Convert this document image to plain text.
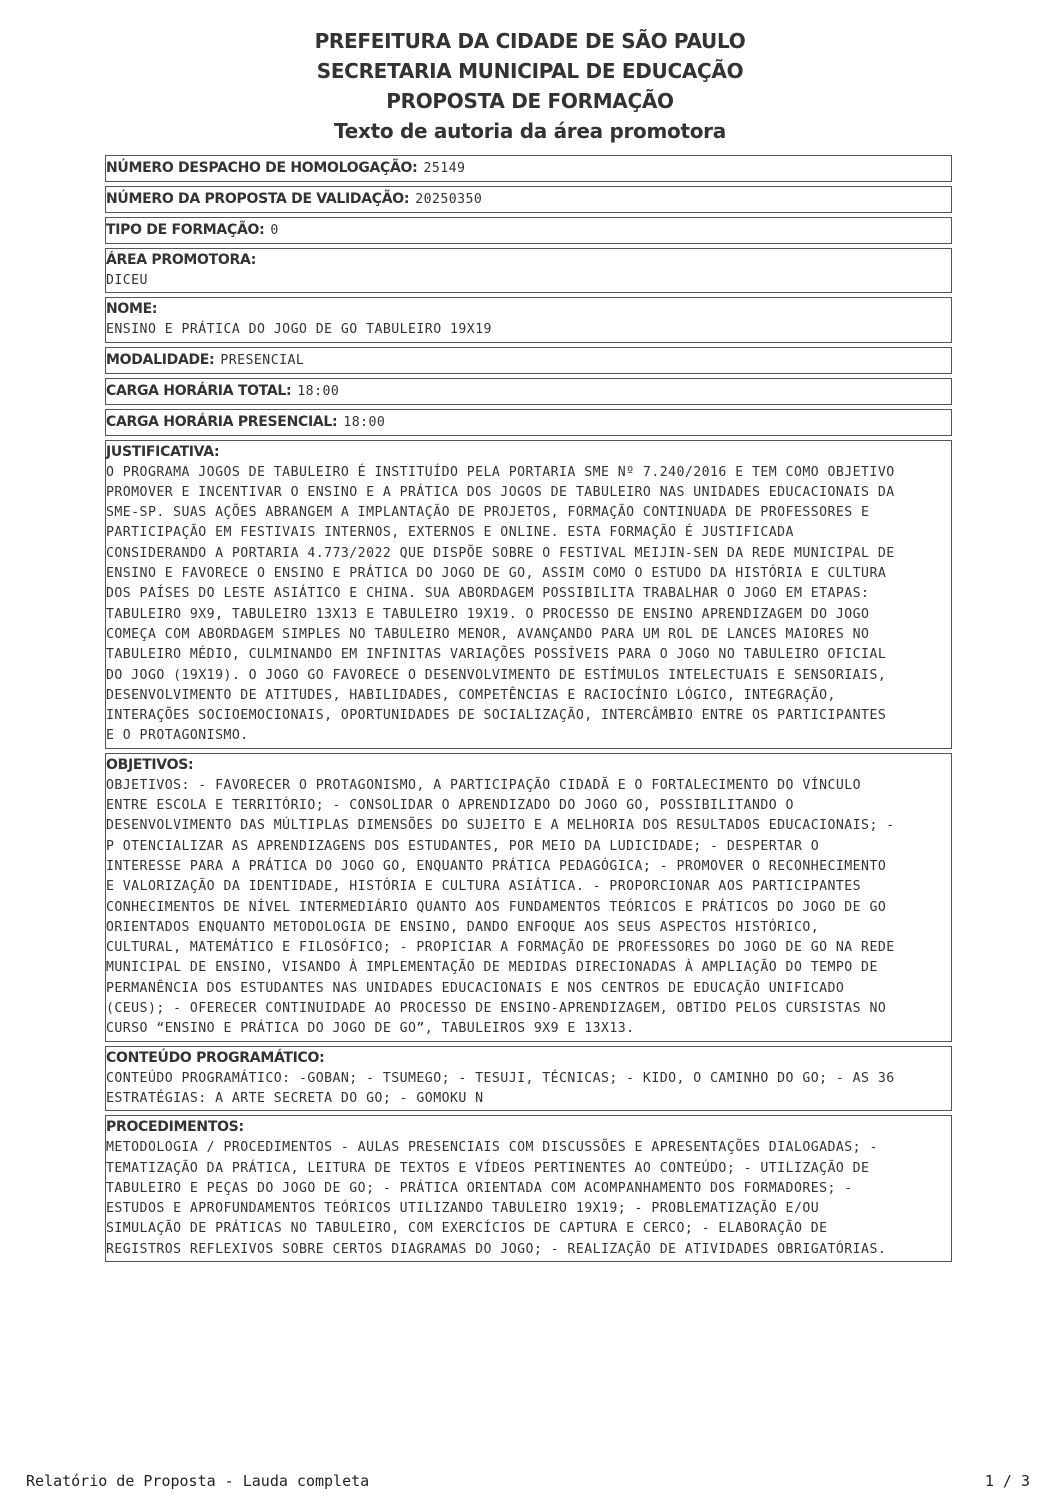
PREFEITURA DA CIDADE DE SÃO PAULO
SECRETARIA MUNICIPAL DE EDUCAÇÃO
PROPOSTA DE FORMAÇÃO
Texto de autoria da área promotora
NÚMERO DESPACHO DE HOMOLOGAÇÃO: 25149
NÚMERO DA PROPOSTA DE VALIDAÇÃO: 20250350
TIPO DE FORMAÇÃO: 0
ÁREA PROMOTORA:
DICEU
NOME:
ENSINO E PRÁTICA DO JOGO DE GO TABULEIRO 19X19
MODALIDADE: PRESENCIAL
CARGA HORÁRIA TOTAL: 18:00
CARGA HORÁRIA PRESENCIAL: 18:00
JUSTIFICATIVA:
O PROGRAMA JOGOS DE TABULEIRO É INSTITUÍDO PELA PORTARIA SME Nº 7.240/2016 E TEM COMO OBJETIVO
PROMOVER E INCENTIVAR O ENSINO E A PRÁTICA DOS JOGOS DE TABULEIRO NAS UNIDADES EDUCACIONAIS DA
SME-SP. SUAS AÇÕES ABRANGEM A IMPLANTAÇÃO DE PROJETOS, FORMAÇÃO CONTINUADA DE PROFESSORES E
PARTICIPAÇÃO EM FESTIVAIS INTERNOS, EXTERNOS E ONLINE. ESTA FORMAÇÃO É JUSTIFICADA
CONSIDERANDO A PORTARIA 4.773/2022 QUE DISPÕE SOBRE O FESTIVAL MEIJIN-SEN DA REDE MUNICIPAL DE
ENSINO E FAVORECE O ENSINO E PRÁTICA DO JOGO DE GO, ASSIM COMO O ESTUDO DA HISTÓRIA E CULTURA
DOS PAÍSES DO LESTE ASIÁTICO E CHINA. SUA ABORDAGEM POSSIBILITA TRABALHAR O JOGO EM ETAPAS:
TABULEIRO 9X9, TABULEIRO 13X13 E TABULEIRO 19X19. O PROCESSO DE ENSINO APRENDIZAGEM DO JOGO
COMEÇA COM ABORDAGEM SIMPLES NO TABULEIRO MENOR, AVANÇANDO PARA UM ROL DE LANCES MAIORES NO
TABULEIRO MÉDIO, CULMINANDO EM INFINITAS VARIAÇÕES POSSÍVEIS PARA O JOGO NO TABULEIRO OFICIAL
DO JOGO (19X19). O JOGO GO FAVORECE O DESENVOLVIMENTO DE ESTÍMULOS INTELECTUAIS E SENSORIAIS,
DESENVOLVIMENTO DE ATITUDES, HABILIDADES, COMPETÊNCIAS E RACIOCÍNIO LÓGICO, INTEGRAÇÃO,
INTERAÇÕES SOCIOEMOCIONAIS, OPORTUNIDADES DE SOCIALIZAÇÃO, INTERCÂMBIO ENTRE OS PARTICIPANTES
E O PROTAGONISMO.
OBJETIVOS:
OBJETIVOS: - FAVORECER O PROTAGONISMO, A PARTICIPAÇÃO CIDADÃ E O FORTALECIMENTO DO VÍNCULO
ENTRE ESCOLA E TERRITÓRIO; - CONSOLIDAR O APRENDIZADO DO JOGO GO, POSSIBILITANDO O
DESENVOLVIMENTO DAS MÚLTIPLAS DIMENSÕES DO SUJEITO E A MELHORIA DOS RESULTADOS EDUCACIONAIS; -
P OTENCIALIZAR AS APRENDIZAGENS DOS ESTUDANTES, POR MEIO DA LUDICIDADE; - DESPERTAR O
INTERESSE PARA A PRÁTICA DO JOGO GO, ENQUANTO PRÁTICA PEDAGÓGICA; - PROMOVER O RECONHECIMENTO
E VALORIZAÇÃO DA IDENTIDADE, HISTÓRIA E CULTURA ASIÁTICA. - PROPORCIONAR AOS PARTICIPANTES
CONHECIMENTOS DE NÍVEL INTERMEDIÁRIO QUANTO AOS FUNDAMENTOS TEÓRICOS E PRÁTICOS DO JOGO DE GO
ORIENTADOS ENQUANTO METODOLOGIA DE ENSINO, DANDO ENFOQUE AOS SEUS ASPECTOS HISTÓRICO,
CULTURAL, MATEMÁTICO E FILOSÓFICO; - PROPICIAR A FORMAÇÃO DE PROFESSORES DO JOGO DE GO NA REDE
MUNICIPAL DE ENSINO, VISANDO À IMPLEMENTAÇÃO DE MEDIDAS DIRECIONADAS À AMPLIAÇÃO DO TEMPO DE
PERMANÊNCIA DOS ESTUDANTES NAS UNIDADES EDUCACIONAIS E NOS CENTROS DE EDUCAÇÃO UNIFICADO
(CEUS); - OFERECER CONTINUIDADE AO PROCESSO DE ENSINO-APRENDIZAGEM, OBTIDO PELOS CURSISTAS NO
CURSO “ENSINO E PRÁTICA DO JOGO DE GO”, TABULEIROS 9X9 E 13X13.
CONTEÚDO PROGRAMÁTICO:
CONTEÚDO PROGRAMÁTICO: -GOBAN; - TSUMEGO; - TESUJI, TÉCNICAS; - KIDO, O CAMINHO DO GO; - AS 36
ESTRATÉGIAS: A ARTE SECRETA DO GO; - GOMOKU N
PROCEDIMENTOS:
METODOLOGIA / PROCEDIMENTOS - AULAS PRESENCIAIS COM DISCUSSÕES E APRESENTAÇÕES DIALOGADAS; -
TEMATIZAÇÃO DA PRÁTICA, LEITURA DE TEXTOS E VÍDEOS PERTINENTES AO CONTEÚDO; - UTILIZAÇÃO DE
TABULEIRO E PEÇAS DO JOGO DE GO; - PRÁTICA ORIENTADA COM ACOMPANHAMENTO DOS FORMADORES; -
ESTUDOS E APROFUNDAMENTOS TEÓRICOS UTILIZANDO TABULEIRO 19X19; - PROBLEMATIZAÇÃO E/OU
SIMULAÇÃO DE PRÁTICAS NO TABULEIRO, COM EXERCÍCIOS DE CAPTURA E CERCO; - ELABORAÇÃO DE
REGISTROS REFLEXIVOS SOBRE CERTOS DIAGRAMAS DO JOGO; - REALIZAÇÃO DE ATIVIDADES OBRIGATÓRIAS.
Relatório de Proposta - Lauda completa	1 / 3
